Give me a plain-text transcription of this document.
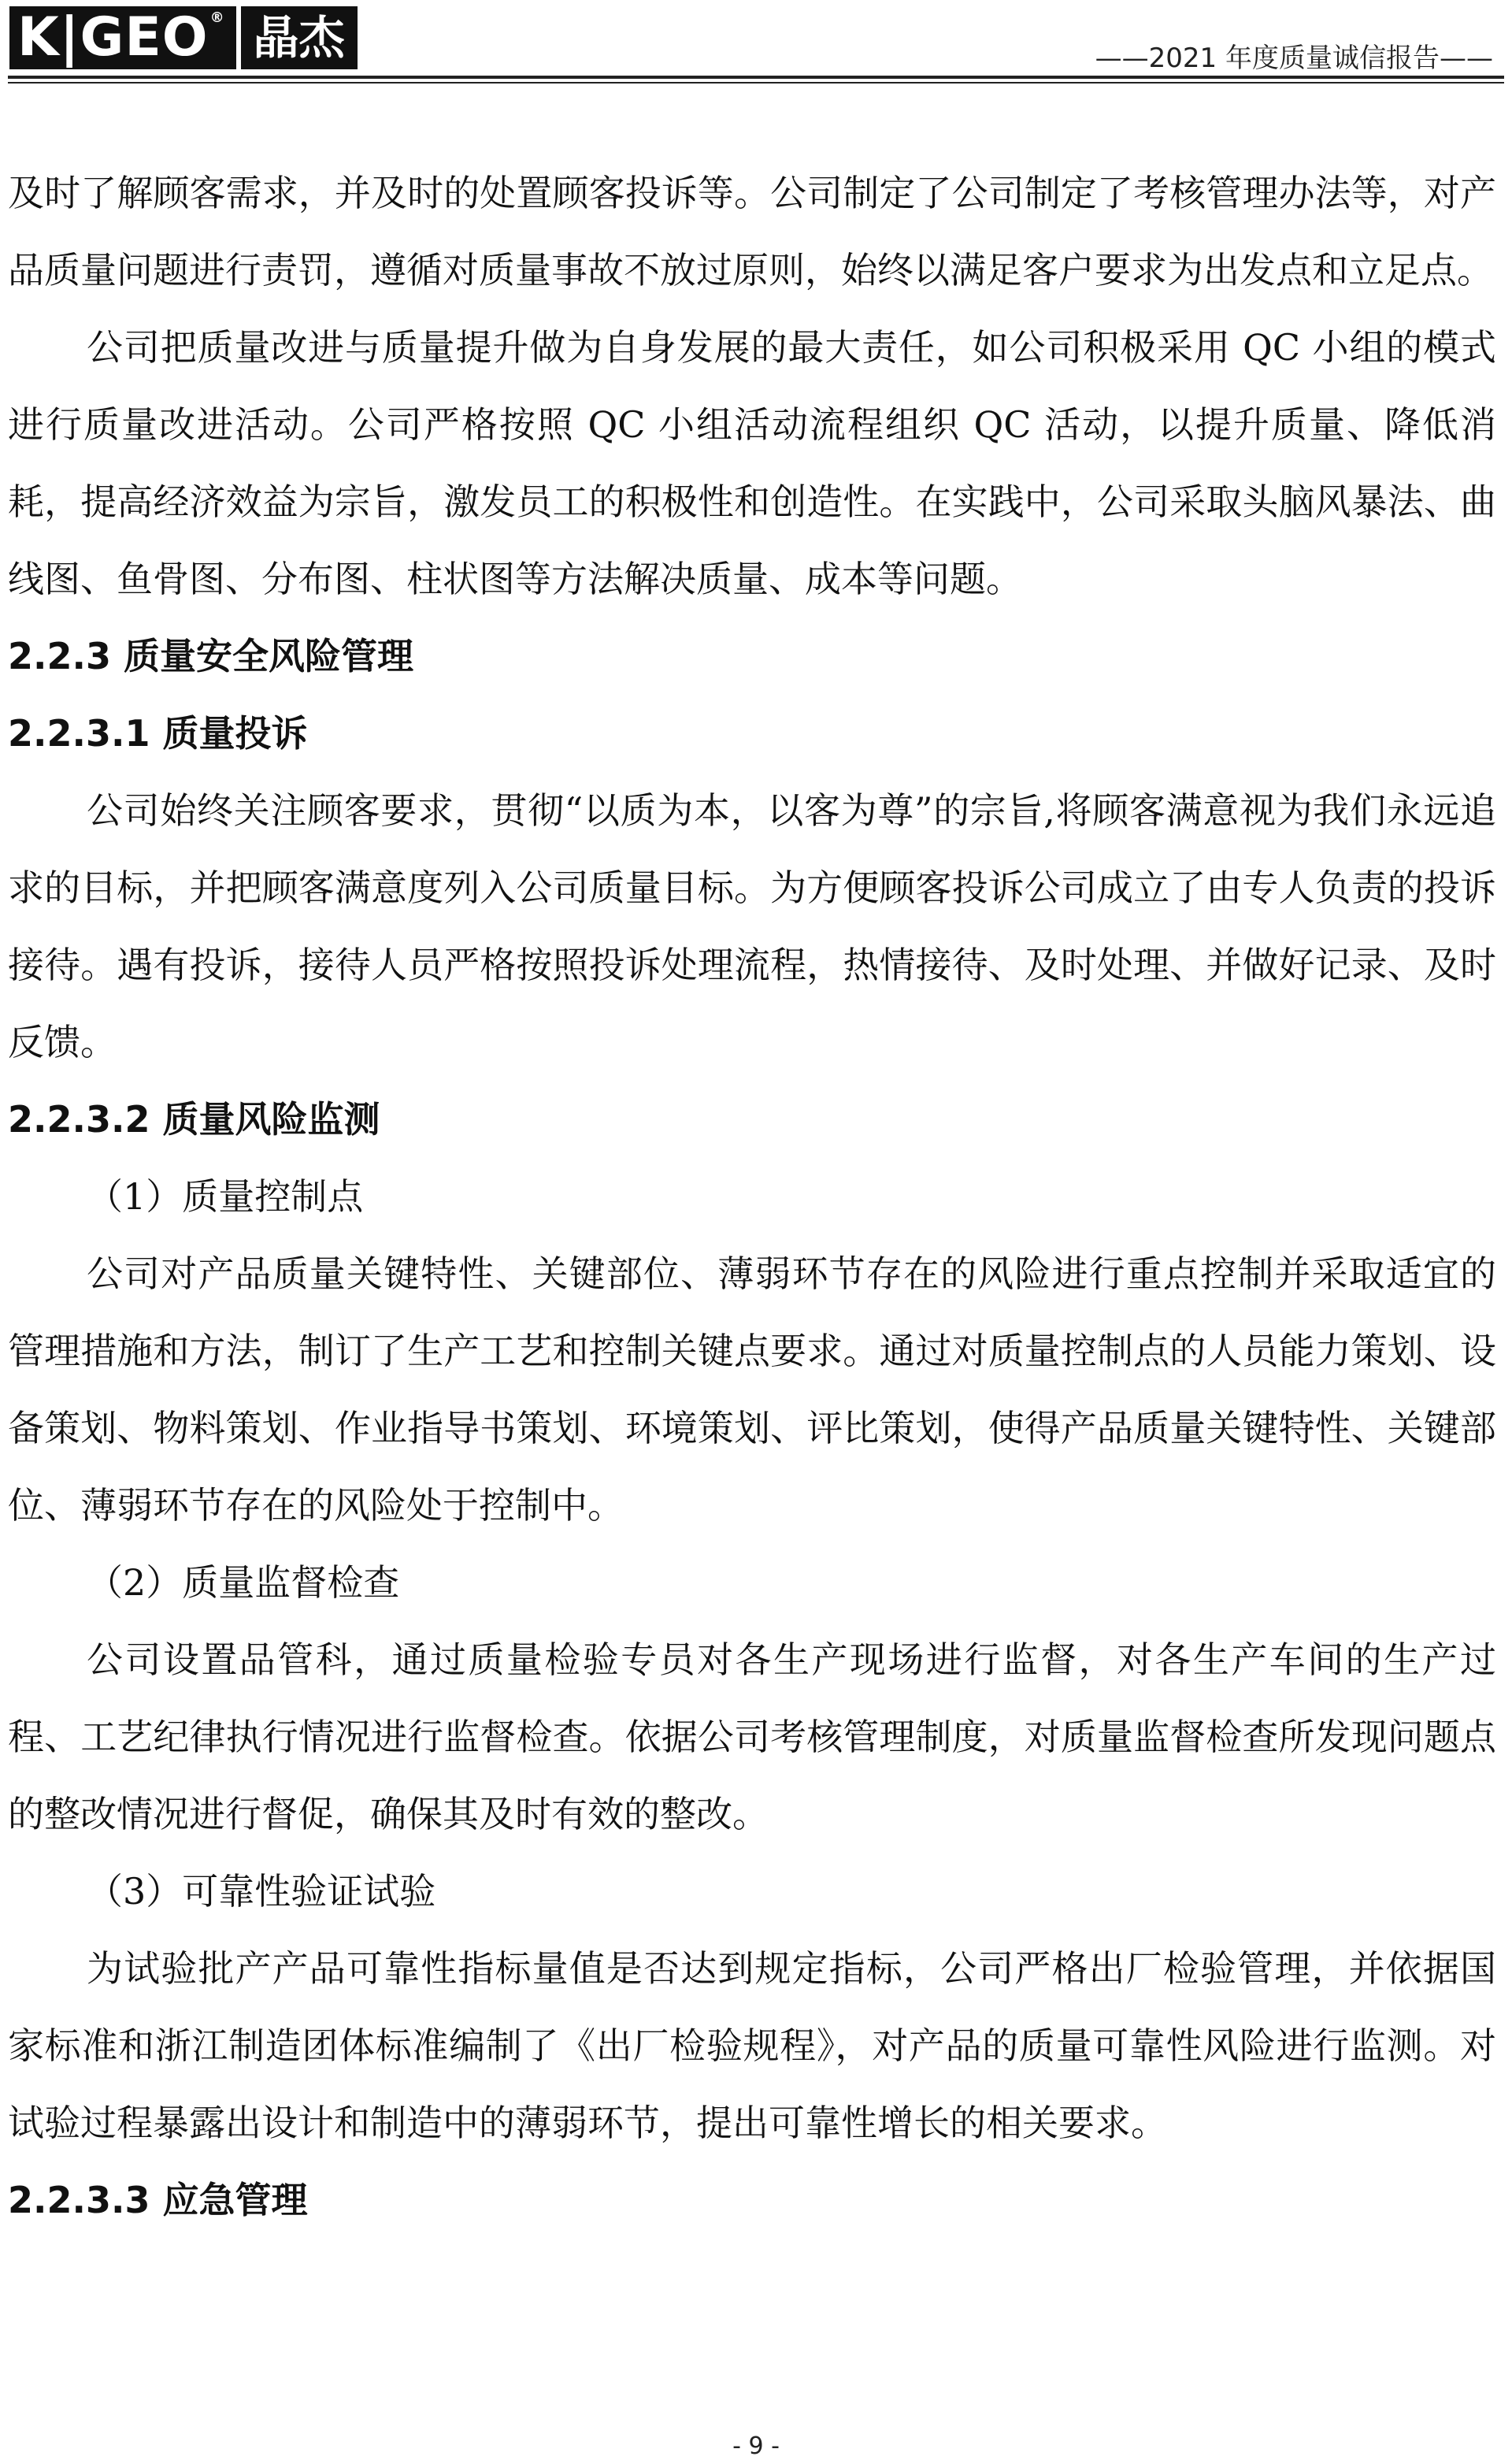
K|GEO ® 晶杰	——2021 年度质量诚信报告——

及时了解顾客需求，并及时的处置顾客投诉等。公司制定了公司制定了考核管理办法等，对产品质量问题进行责罚，遵循对质量事故不放过原则，始终以满足客户要求为出发点和立足点。

公司把质量改进与质量提升做为自身发展的最大责任，如公司积极采用 QC 小组的模式进行质量改进活动。公司严格按照 QC 小组活动流程组织 QC 活动，以提升质量、降低消耗，提高经济效益为宗旨，激发员工的积极性和创造性。在实践中，公司采取头脑风暴法、曲线图、鱼骨图、分布图、柱状图等方法解决质量、成本等问题。

2.2.3 质量安全风险管理

2.2.3.1 质量投诉

公司始终关注顾客要求，贯彻“以质为本，以客为尊”的宗旨,将顾客满意视为我们永远追求的目标，并把顾客满意度列入公司质量目标。为方便顾客投诉公司成立了由专人负责的投诉接待。遇有投诉，接待人员严格按照投诉处理流程，热情接待、及时处理、并做好记录、及时反馈。

2.2.3.2 质量风险监测

（1）质量控制点

公司对产品质量关键特性、关键部位、薄弱环节存在的风险进行重点控制并采取适宜的管理措施和方法，制订了生产工艺和控制关键点要求。通过对质量控制点的人员能力策划、设备策划、物料策划、作业指导书策划、环境策划、评比策划，使得产品质量关键特性、关键部位、薄弱环节存在的风险处于控制中。

（2）质量监督检查

公司设置品管科，通过质量检验专员对各生产现场进行监督，对各生产车间的生产过程、工艺纪律执行情况进行监督检查。依据公司考核管理制度，对质量监督检查所发现问题点的整改情况进行督促，确保其及时有效的整改。

（3）可靠性验证试验

为试验批产产品可靠性指标量值是否达到规定指标，公司严格出厂检验管理，并依据国家标准和浙江制造团体标准编制了《出厂检验规程》，对产品的质量可靠性风险进行监测。对试验过程暴露出设计和制造中的薄弱环节，提出可靠性增长的相关要求。

2.2.3.3 应急管理

- 9 -
